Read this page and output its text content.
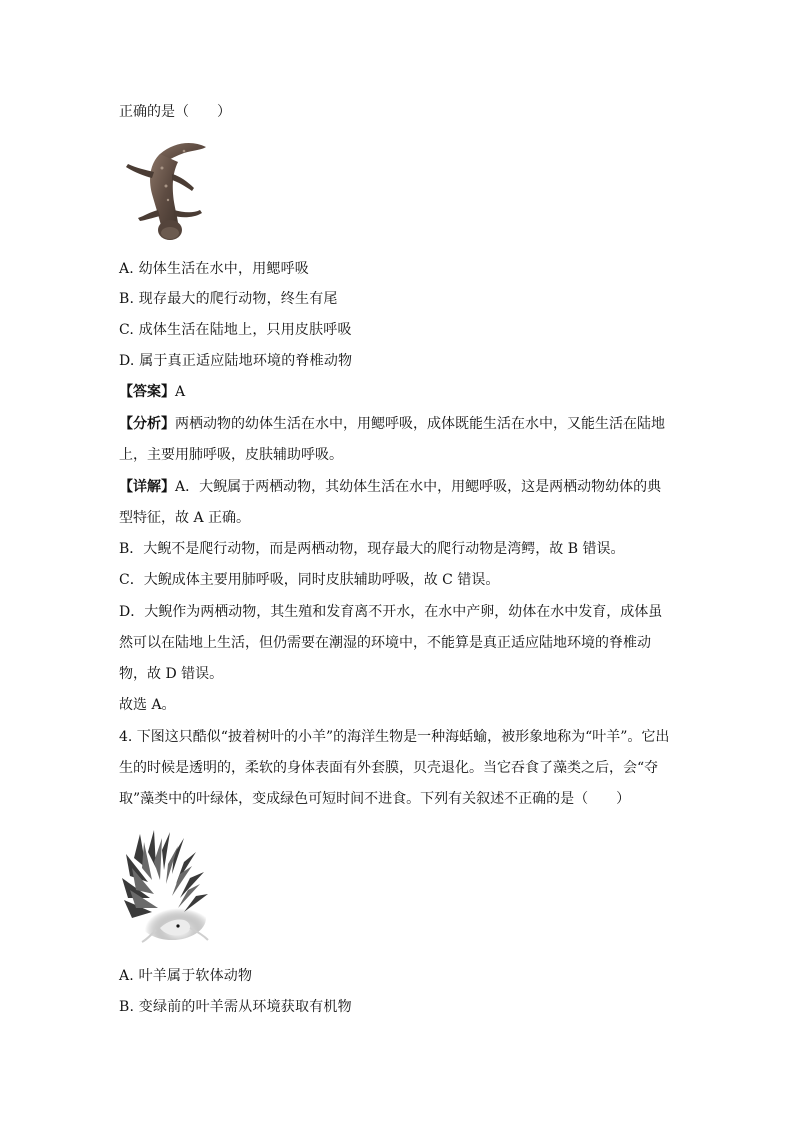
正确的是（　　）
A. 幼体生活在水中，用鳃呼吸
B. 现存最大的爬行动物，终生有尾
C. 成体生活在陆地上，只用皮肤呼吸
D. 属于真正适应陆地环境的脊椎动物
【答案】A
【分析】两栖动物的幼体生活在水中，用鳃呼吸，成体既能生活在水中，又能生活在陆地
上，主要用肺呼吸，皮肤辅助呼吸。
【详解】A．大鲵属于两栖动物，其幼体生活在水中，用鳃呼吸，这是两栖动物幼体的典
型特征，故 A 正确。
B．大鲵不是爬行动物，而是两栖动物，现存最大的爬行动物是湾鳄，故 B 错误。
C．大鲵成体主要用肺呼吸，同时皮肤辅助呼吸，故 C 错误。
D．大鲵作为两栖动物，其生殖和发育离不开水，在水中产卵，幼体在水中发育，成体虽
然可以在陆地上生活，但仍需要在潮湿的环境中，不能算是真正适应陆地环境的脊椎动
物，故 D 错误。
故选 A。
4. 下图这只酷似“披着树叶的小羊”的海洋生物是一种海蛞蝓，被形象地称为“叶羊”。它出
生的时候是透明的，柔软的身体表面有外套膜，贝壳退化。当它吞食了藻类之后，会“夺
取”藻类中的叶绿体，变成绿色可短时间不进食。下列有关叙述不正确的是（　　）
A. 叶羊属于软体动物
B. 变绿前的叶羊需从环境获取有机物
